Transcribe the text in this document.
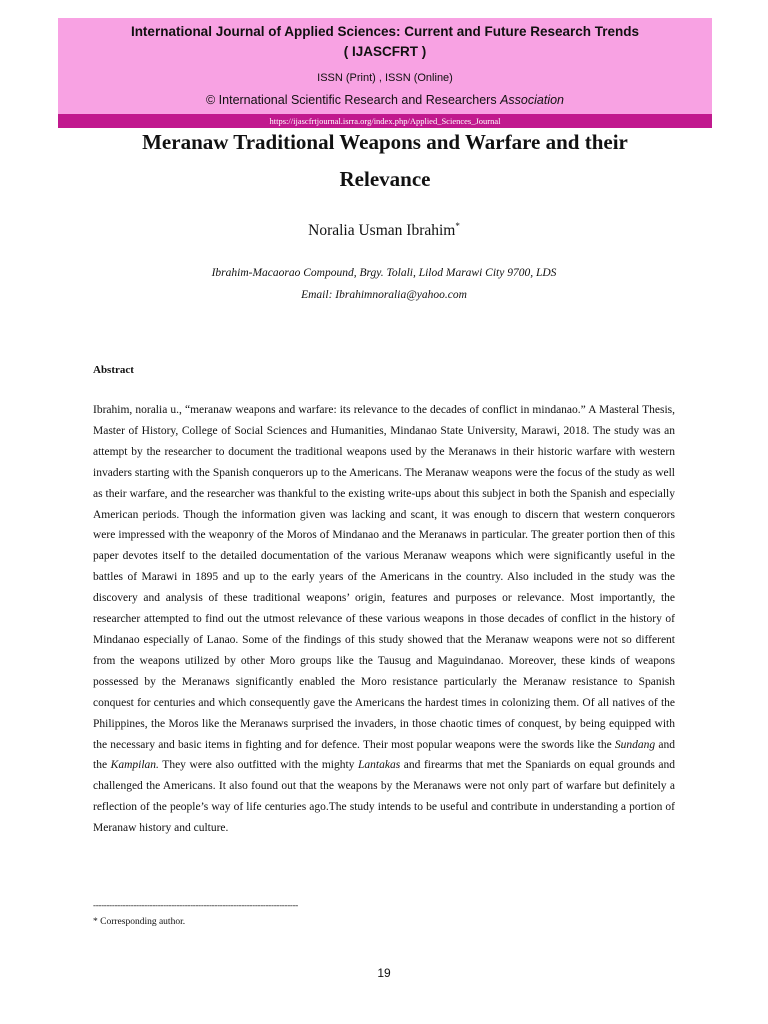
International Journal of Applied Sciences: Current and Future Research Trends
( IJASCFRT )
ISSN (Print) , ISSN (Online)
© International Scientific Research and Researchers Association
https://ijascfrtjournal.isrra.org/index.php/Applied_Sciences_Journal
Meranaw Traditional Weapons and Warfare and their
Relevance
Noralia Usman Ibrahim*
Ibrahim-Macaorao Compound, Brgy. Tolali, Lilod Marawi City 9700, LDS
Email: Ibrahimnoralia@yahoo.com
Abstract

Ibrahim, noralia u., “meranaw weapons and warfare: its relevance to the decades of conflict in mindanao.” A Masteral Thesis, Master of History, College of Social Sciences and Humanities, Mindanao State University, Marawi, 2018. The study was an attempt by the researcher to document the traditional weapons used by the Meranaws in their historic warfare with western invaders starting with the Spanish conquerors up to the Americans. The Meranaw weapons were the focus of the study as well as their warfare, and the researcher was thankful to the existing write-ups about this subject in both the Spanish and especially American periods. Though the information given was lacking and scant, it was enough to discern that western conquerors were impressed with the weaponry of the Moros of Mindanao and the Meranaws in particular. The greater portion then of this paper devotes itself to the detailed documentation of the various Meranaw weapons which were significantly useful in the battles of Marawi in 1895 and up to the early years of the Americans in the country. Also included in the study was the discovery and analysis of these traditional weapons’ origin, features and purposes or relevance. Most importantly, the researcher attempted to find out the utmost relevance of these various weapons in those decades of conflict in the history of Mindanao especially of Lanao. Some of the findings of this study showed that the Meranaw weapons were not so different from the weapons utilized by other Moro groups like the Tausug and Maguindanao. Moreover, these kinds of weapons possessed by the Meranaws significantly enabled the Moro resistance particularly the Meranaw resistance to Spanish conquest for centuries and which consequently gave the Americans the hardest times in colonizing them. Of all natives of the Philippines, the Moros like the Meranaws surprised the invaders, in those chaotic times of conquest, by being equipped with the necessary and basic items in fighting and for defence. Their most popular weapons were the swords like the Sundang and the Kampilan. They were also outfitted with the mighty Lantakas and firearms that met the Spaniards on equal grounds and challenged the Americans. It also found out that the weapons by the Meranaws were not only part of warfare but definitely a reflection of the people’s way of life centuries ago.The study intends to be useful and contribute in understanding a portion of Meranaw history and culture.

----------------------------------------------------------------------------
* Corresponding author.
19
